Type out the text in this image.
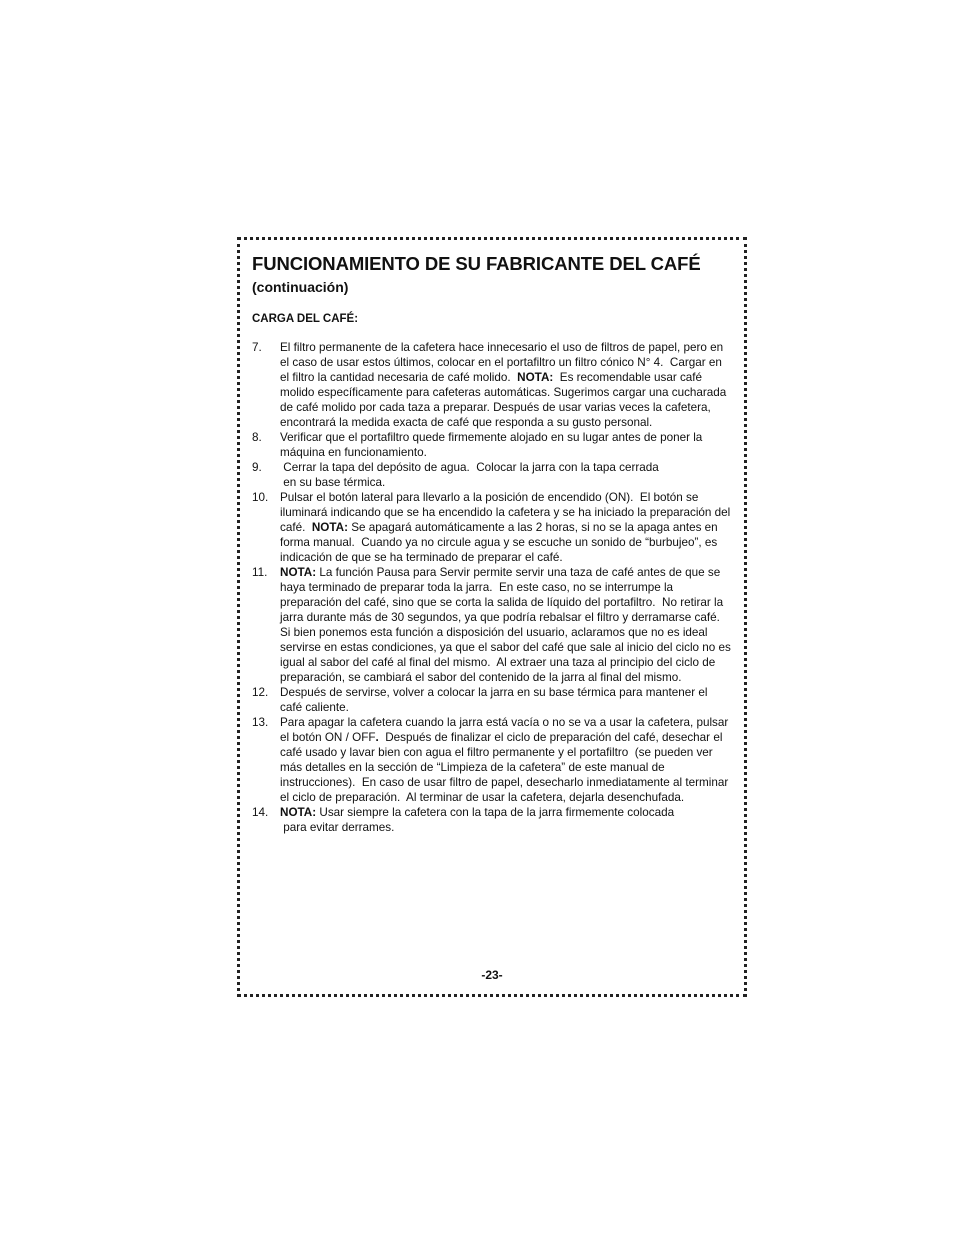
FUNCIONAMIENTO DE SU FABRICANTE DEL CAFÉ
(continuación)
CARGA DEL CAFÉ:
7. El filtro permanente de la cafetera hace innecesario el uso de filtros de papel, pero en el caso de usar estos últimos, colocar en el portafiltro un filtro cónico N° 4.  Cargar en el filtro la cantidad necesaria de café molido.  NOTA:  Es recomendable usar café molido específicamente para cafeteras automáticas. Sugerimos cargar una cucharada de café molido por cada taza a preparar. Después de usar varias veces la cafetera, encontrará la medida exacta de café que responda a su gusto personal.
8. Verificar que el portafiltro quede firmemente alojado en su lugar antes de poner la máquina en funcionamiento.
9. Cerrar la tapa del depósito de agua.  Colocar la jarra con la tapa cerrada
en su base térmica.
10. Pulsar el botón lateral para llevarlo a la posición de encendido (ON).  El botón se iluminará indicando que se ha encendido la cafetera y se ha iniciado la preparación del café.  NOTA: Se apagará automáticamente a las 2 horas, si no se la apaga antes en forma manual.  Cuando ya no circule agua y se escuche un sonido de “burbujeo”, es indicación de que se ha terminado de preparar el café.
11. NOTA: La función Pausa para Servir permite servir una taza de café antes de que se haya terminado de preparar toda la jarra.  En este caso, no se interrumpe la preparación del café, sino que se corta la salida de líquido del portafiltro.  No retirar la jarra durante más de 30 segundos, ya que podría rebalsar el filtro y derramarse café.  Si bien ponemos esta función a disposición del usuario, aclaramos que no es ideal servirse en estas condiciones, ya que el sabor del café que sale al inicio del ciclo no es igual al sabor del café al final del mismo.  Al extraer una taza al principio del ciclo de preparación, se cambiará el sabor del contenido de la jarra al final del mismo.
12. Después de servirse, volver a colocar la jarra en su base térmica para mantener el café caliente.
13. Para apagar la cafetera cuando la jarra está vacía o no se va a usar la cafetera, pulsar el botón ON / OFF.  Después de finalizar el ciclo de preparación del café, desechar el café usado y lavar bien con agua el filtro permanente y el portafiltro  (se pueden ver más detalles en la sección de “Limpieza de la cafetera” de este manual de instrucciones).  En caso de usar filtro de papel, desecharlo inmediatamente al terminar el ciclo de preparación.  Al terminar de usar la cafetera, dejarla desenchufada.
14. NOTA: Usar siempre la cafetera con la tapa de la jarra firmemente colocada
para evitar derrames.
-23-
